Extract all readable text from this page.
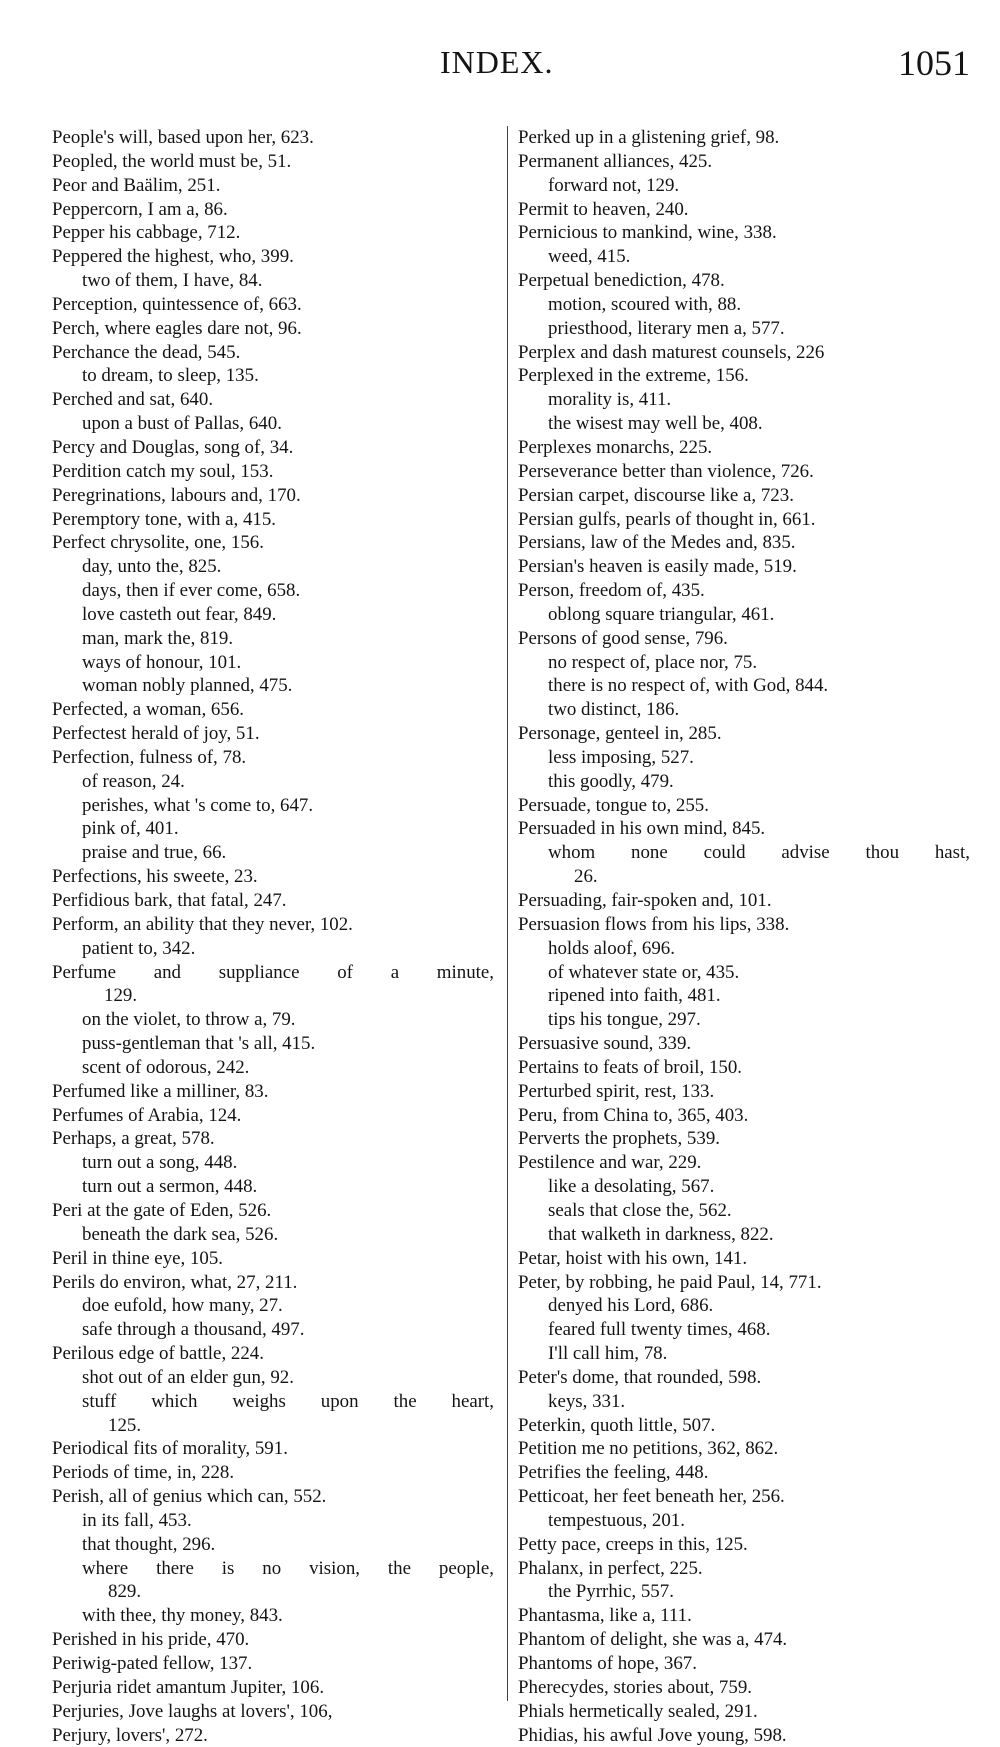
INDEX.	1051
People's will, based upon her, 623.
Peopled, the world must be, 51.
Peor and Baälim, 251.
Peppercorn, I am a, 86.
Pepper his cabbage, 712.
Peppered the highest, who, 399.
two of them, I have, 84.
Perception, quintessence of, 663.
Perch, where eagles dare not, 96.
Perchance the dead, 545.
to dream, to sleep, 135.
Perched and sat, 640.
upon a bust of Pallas, 640.
Percy and Douglas, song of, 34.
Perdition catch my soul, 153.
Peregrinations, labours and, 170.
Peremptory tone, with a, 415.
Perfect chrysolite, one, 156.
day, unto the, 825.
days, then if ever come, 658.
love casteth out fear, 849.
man, mark the, 819.
ways of honour, 101.
woman nobly planned, 475.
Perfected, a woman, 656.
Perfectest herald of joy, 51.
Perfection, fulness of, 78.
of reason, 24.
perishes, what 's come to, 647.
pink of, 401.
praise and true, 66.
Perfections, his sweete, 23.
Perfidious bark, that fatal, 247.
Perform, an ability that they never, 102.
patient to, 342.
Perfume and suppliance of a minute,
129.
on the violet, to throw a, 79.
puss-gentleman that 's all, 415.
scent of odorous, 242.
Perfumed like a milliner, 83.
Perfumes of Arabia, 124.
Perhaps, a great, 578.
turn out a song, 448.
turn out a sermon, 448.
Peri at the gate of Eden, 526.
beneath the dark sea, 526.
Peril in thine eye, 105.
Perils do environ, what, 27, 211.
doe eufold, how many, 27.
safe through a thousand, 497.
Perilous edge of battle, 224.
shot out of an elder gun, 92.
stuff which weighs upon the heart,
125.
Periodical fits of morality, 591.
Periods of time, in, 228.
Perish, all of genius which can, 552.
in its fall, 453.
that thought, 296.
where there is no vision, the people,
829.
with thee, thy money, 843.
Perished in his pride, 470.
Periwig-pated fellow, 137.
Perjuria ridet amantum Jupiter, 106.
Perjuries, Jove laughs at lovers', 106,
Perjury, lovers', 272.
Perked up in a glistening grief, 98.
Permanent alliances, 425.
forward not, 129.
Permit to heaven, 240.
Pernicious to mankind, wine, 338.
weed, 415.
Perpetual benediction, 478.
motion, scoured with, 88.
priesthood, literary men a, 577.
Perplex and dash maturest counsels, 226
Perplexed in the extreme, 156.
morality is, 411.
the wisest may well be, 408.
Perplexes monarchs, 225.
Perseverance better than violence, 726.
Persian carpet, discourse like a, 723.
Persian gulfs, pearls of thought in, 661.
Persians, law of the Medes and, 835.
Persian's heaven is easily made, 519.
Person, freedom of, 435.
oblong square triangular, 461.
Persons of good sense, 796.
no respect of, place nor, 75.
there is no respect of, with God, 844.
two distinct, 186.
Personage, genteel in, 285.
less imposing, 527.
this goodly, 479.
Persuade, tongue to, 255.
Persuaded in his own mind, 845.
whom none could advise thou hast,
26.
Persuading, fair-spoken and, 101.
Persuasion flows from his lips, 338.
holds aloof, 696.
of whatever state or, 435.
ripened into faith, 481.
tips his tongue, 297.
Persuasive sound, 339.
Pertains to feats of broil, 150.
Perturbed spirit, rest, 133.
Peru, from China to, 365, 403.
Perverts the prophets, 539.
Pestilence and war, 229.
like a desolating, 567.
seals that close the, 562.
that walketh in darkness, 822.
Petar, hoist with his own, 141.
Peter, by robbing, he paid Paul, 14, 771.
denyed his Lord, 686.
feared full twenty times, 468.
I'll call him, 78.
Peter's dome, that rounded, 598.
keys, 331.
Peterkin, quoth little, 507.
Petition me no petitions, 362, 862.
Petrifies the feeling, 448.
Petticoat, her feet beneath her, 256.
tempestuous, 201.
Petty pace, creeps in this, 125.
Phalanx, in perfect, 225.
the Pyrrhic, 557.
Phantasma, like a, 111.
Phantom of delight, she was a, 474.
Phantoms of hope, 367.
Pherecydes, stories about, 759.
Phials hermetically sealed, 291.
Phidias, his awful Jove young, 598.
